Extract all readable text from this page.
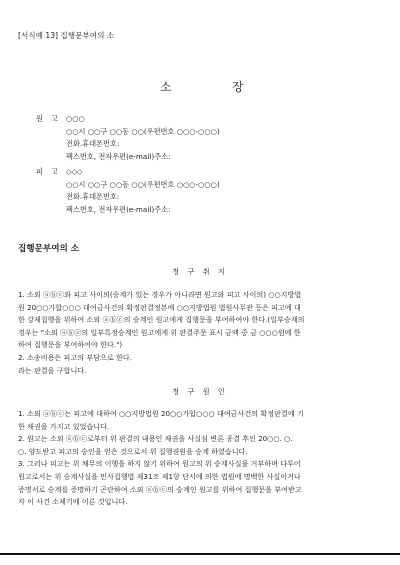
[서식예 13] 집행문부여의 소
소	장
원 고 ○○○
○○시 ○○구 ○○동 ○○(우편번호 ○○○-○○○)
전화.휴대폰번호:
팩스번호, 전자우편(e-mail)주소:
피 고 ◇◇◇
○○시 ○○구 ○○동 ○○(우편번호 ○○○-○○○)
전화.휴대폰번호:
팩스번호, 전자우편(e-mail)주소:
집행문부여의 소
청 구 취 지

1. 소외 ⓐⓑⓒ와 피고 사이의(승계가 있는 경우가 아니라면 원고와 피고 사이의) ○○지방법

원 20○○가합○○○ 대여금사건의 확정판결정본에 ○○지방법원 법원사무관 등은 피고에 대

한 강제집행을 위하여 소외 ⓐⓑⓒ의 승계인 원고에게 집행문을 부여하여야 한다.(일부승계의

경우는 "소외 ⓐⓑⓒ의 일부특정승계인 원고에게 위 판결주문 표시 금액 중 금 ○○○원에 한

하여 집행문을 부여하여야 한다.")

2. 소송비용은 피고의 부담으로 한다.

라는 판결을 구합니다.

청 구 원 인

1. 소외 ⓐⓑⓒ는 피고에 대하여 ○○지방법원 20○○가합○○○ 대여금사건의 확정판결에 기

한 채권을 가지고 있었습니다.

2. 원고는 소외 ⓐⓑⓒ로부터 위 판결의 내용인 채권을 사실심 변론 종결 후인 20○○. ○.

○. 양도받고 피고의 승인을 얻은 것으로서 위 집행권원을 승계 하였습니다.

3. 그러나 피고는 위 채무의 이행을 하지 않기 위하여 원고의 위 승계사실을 거부하며 다투어

원고로서는 위 승계사실을 민사집행법 제31조 제1항 단서에 의한 법원에 명백한 사실이거나

증명서로 승계를 증명하기 곤란하여 소외 ⓐⓑⓒ의 승계인 원고를 위하여 집행문을 부여받고

자 이 사건 소제기에 이른 것입니다.
